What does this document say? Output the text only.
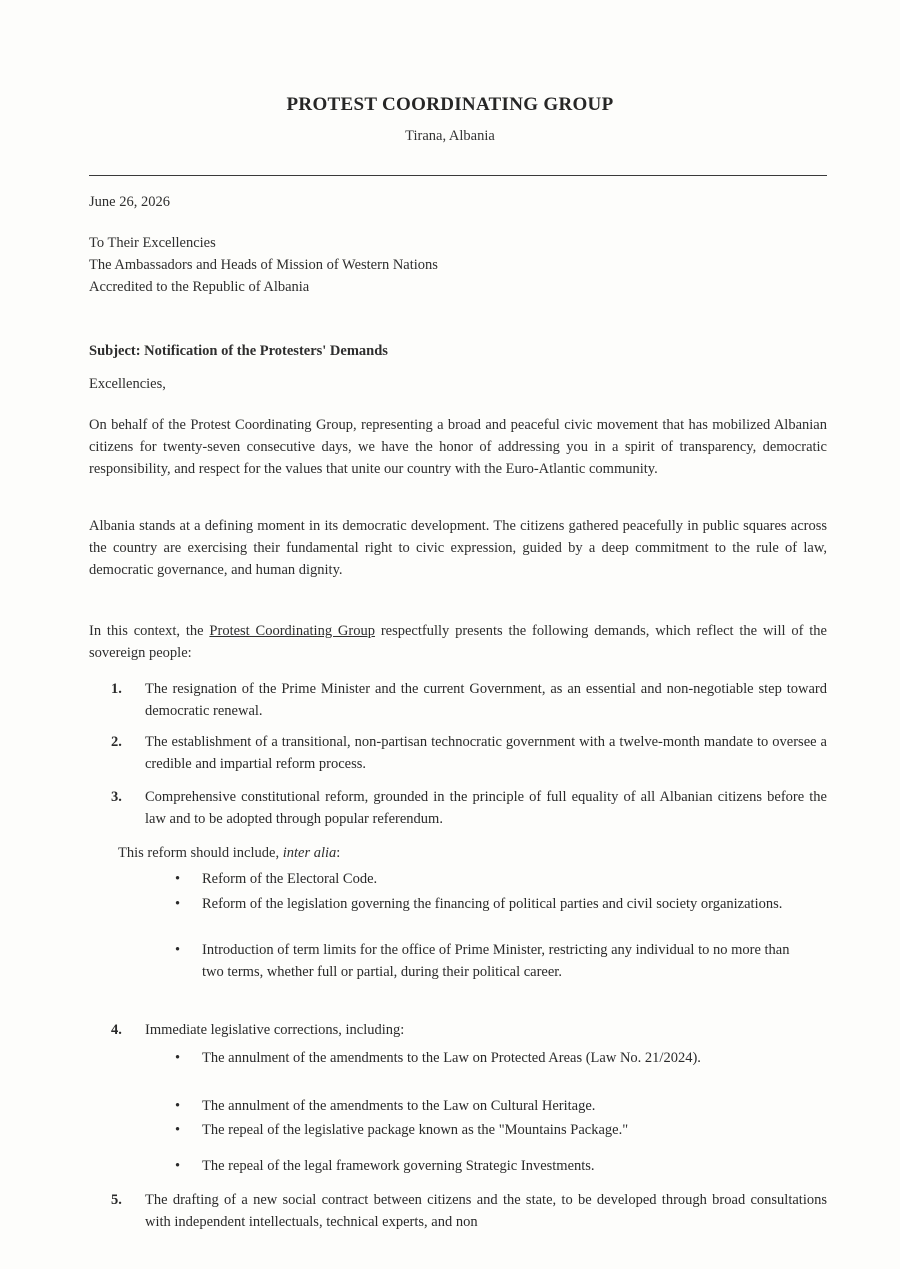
PROTEST COORDINATING GROUP
Tirana, Albania
June 26, 2026
To Their Excellencies
The Ambassadors and Heads of Mission of Western Nations
Accredited to the Republic of Albania
Subject: Notification of the Protesters' Demands
Excellencies,
On behalf of the Protest Coordinating Group, representing a broad and peaceful civic movement that has mobilized Albanian citizens for twenty-seven consecutive days, we have the honor of addressing you in a spirit of transparency, democratic responsibility, and respect for the values that unite our country with the Euro-Atlantic community.
Albania stands at a defining moment in its democratic development. The citizens gathered peacefully in public squares across the country are exercising their fundamental right to civic expression, guided by a deep commitment to the rule of law, democratic governance, and human dignity.
In this context, the Protest Coordinating Group respectfully presents the following demands, which reflect the will of the sovereign people:
1. The resignation of the Prime Minister and the current Government, as an essential and non-negotiable step toward democratic renewal.
2. The establishment of a transitional, non-partisan technocratic government with a twelve-month mandate to oversee a credible and impartial reform process.
3. Comprehensive constitutional reform, grounded in the principle of full equality of all Albanian citizens before the law and to be adopted through popular referendum.
This reform should include, inter alia:
• Reform of the Electoral Code.
• Reform of the legislation governing the financing of political parties and civil society organizations.
• Introduction of term limits for the office of Prime Minister, restricting any individual to no more than two terms, whether full or partial, during their political career.
4. Immediate legislative corrections, including:
• The annulment of the amendments to the Law on Protected Areas (Law No. 21/2024).
• The annulment of the amendments to the Law on Cultural Heritage.
• The repeal of the legislative package known as the "Mountains Package."
• The repeal of the legal framework governing Strategic Investments.
5. The drafting of a new social contract between citizens and the state, to be developed through broad consultations with independent intellectuals, technical experts, and non
